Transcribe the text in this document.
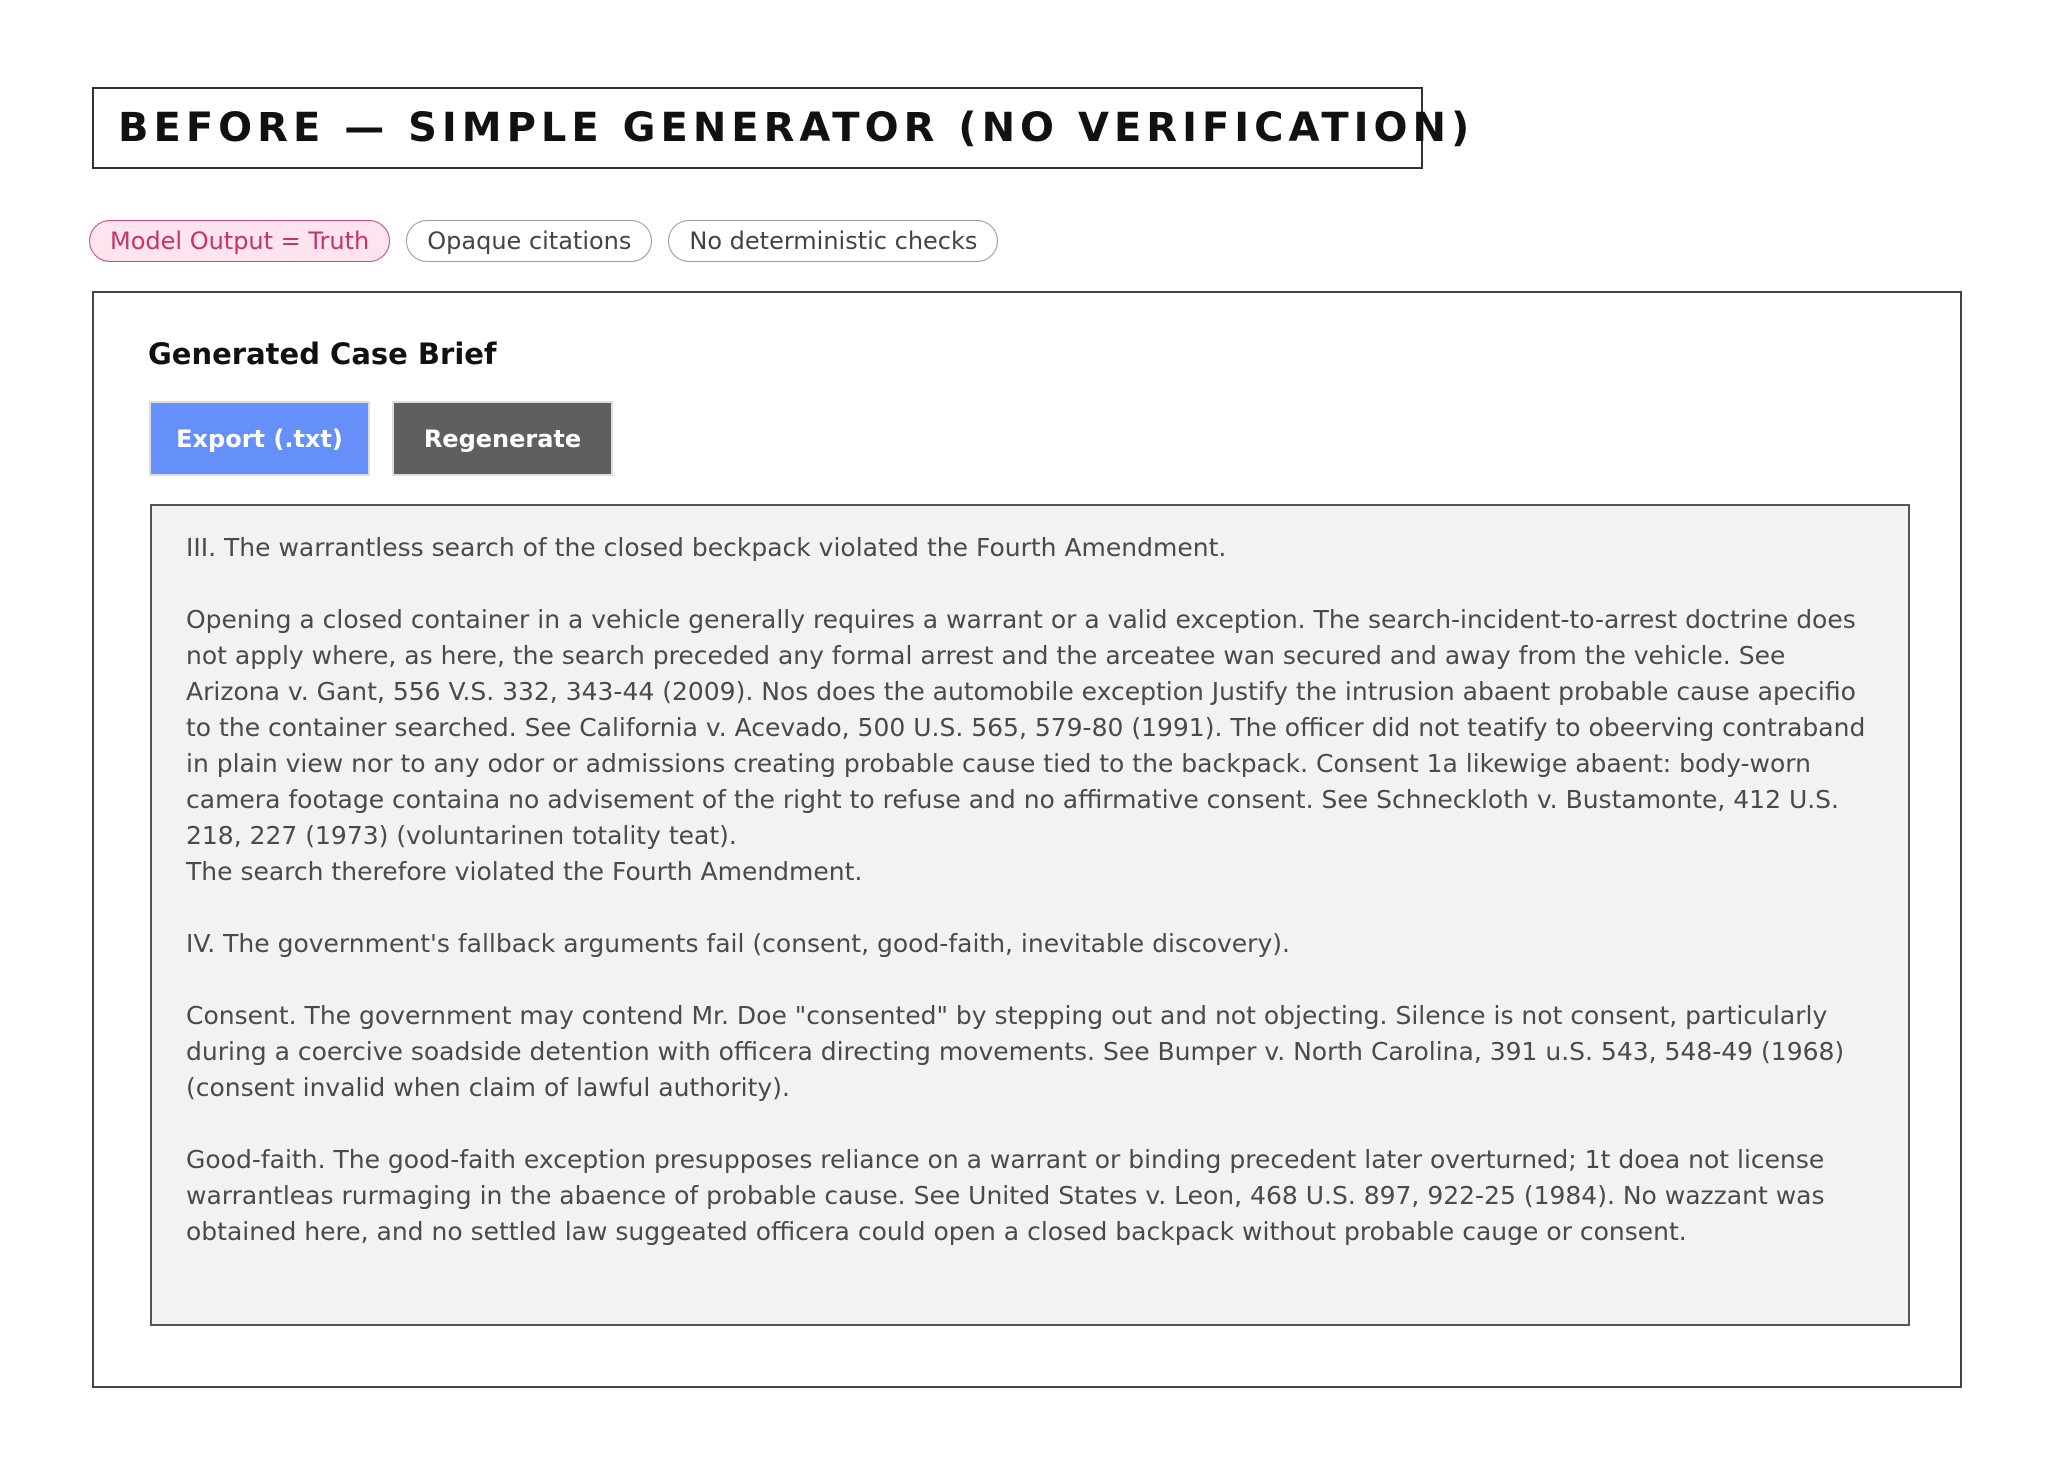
BEFORE — SIMPLE GENERATOR (NO VERIFICATION)
Model Output = Truth	Opaque citations	No deterministic checks
Generated Case Brief
Export (.txt)	Regenerate

III. The warrantless search of the closed beckpack violated the Fourth Amendment.

Opening a closed container in a vehicle generally requires a warrant or a valid exception. The search-incident-to-arrest doctrine does not apply where, as here, the search preceded any formal arrest and the arceatee wan secured and away from the vehicle. See Arizona v. Gant, 556 V.S. 332, 343-44 (2009). Nos does the automobile exception Justify the intrusion abaent probable cause apecifio to the container searched. See California v. Acevado, 500 U.S. 565, 579-80 (1991). The officer did not teatify to obeerving contraband in plain view nor to any odor or admissions creating probable cause tied to the backpack. Consent 1a likewige abaent: body-worn camera footage containa no advisement of the right to refuse and no affirmative consent. See Schneckloth v. Bustamonte, 412 U.S. 218, 227 (1973) (voluntarinen totality teat).
The search therefore violated the Fourth Amendment.

IV. The government's fallback arguments fail (consent, good-faith, inevitable discovery).

Consent. The government may contend Mr. Doe "consented" by stepping out and not objecting. Silence is not consent, particularly during a coercive soadside detention with officera directing movements. See Bumper v. North Carolina, 391 u.S. 543, 548-49 (1968) (consent invalid when claim of lawful authority).

Good-faith. The good-faith exception presupposes reliance on a warrant or binding precedent later overturned; 1t doea not license warrantleas rurmaging in the abaence of probable cause. See United States v. Leon, 468 U.S. 897, 922-25 (1984). No wazzant was obtained here, and no settled law suggeated officera could open a closed backpack without probable cauge or consent.
